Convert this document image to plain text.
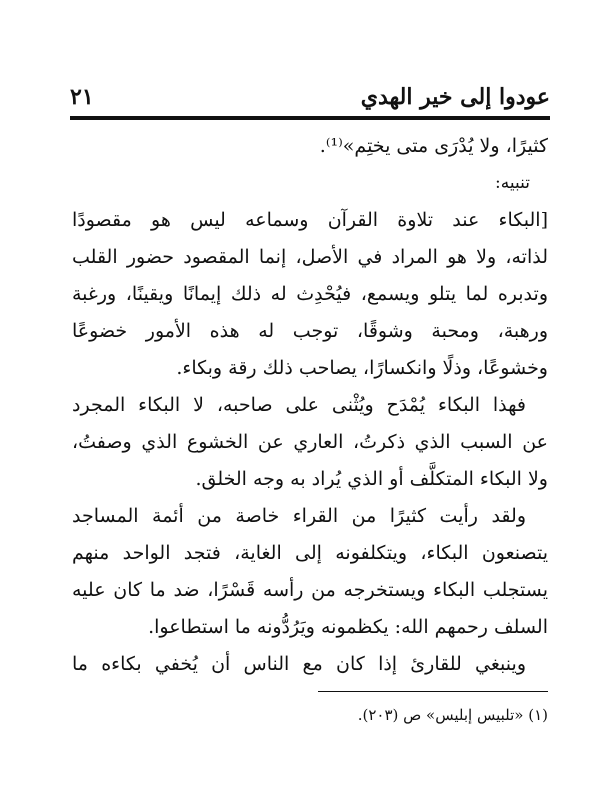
عودوا إلى خير الهدي
٢١
كثيرًا، ولا يُدْرَى متى يختِم»⁽¹⁾.
تنبيه:
[البكاء عند تلاوة القرآن وسماعه ليس هو مقصودًا
لذاته، ولا هو المراد في الأصل، إنما المقصود حضور القلب
وتدبره لما يتلو ويسمع، فيُحْدِث له ذلك إيمانًا ويقينًا، ورغبة
ورهبة، ومحبة وشوقًا، توجب له هذه الأمور خضوعًا
وخشوعًا، وذلًا وانكسارًا، يصاحب ذلك رقة وبكاء.
فهذا البكاء يُمْدَح ويُثْنى على صاحبه، لا البكاء المجرد
عن السبب الذي ذكرتُ، العاري عن الخشوع الذي وصفتُ،
ولا البكاء المتكلَّف أو الذي يُراد به وجه الخلق.
ولقد رأيت كثيرًا من القراء خاصة من أئمة المساجد
يتصنعون البكاء، ويتكلفونه إلى الغاية، فتجد الواحد منهم
يستجلب البكاء ويستخرجه من رأسه قَسْرًا، ضد ما كان عليه
السلف رحمهم الله: يكظمونه ويَرُدُّونه ما استطاعوا.
وينبغي للقارئ إذا كان مع الناس أن يُخفي بكاءه ما
(١) «تلبيس إبليس» ص (٢٠٣).
